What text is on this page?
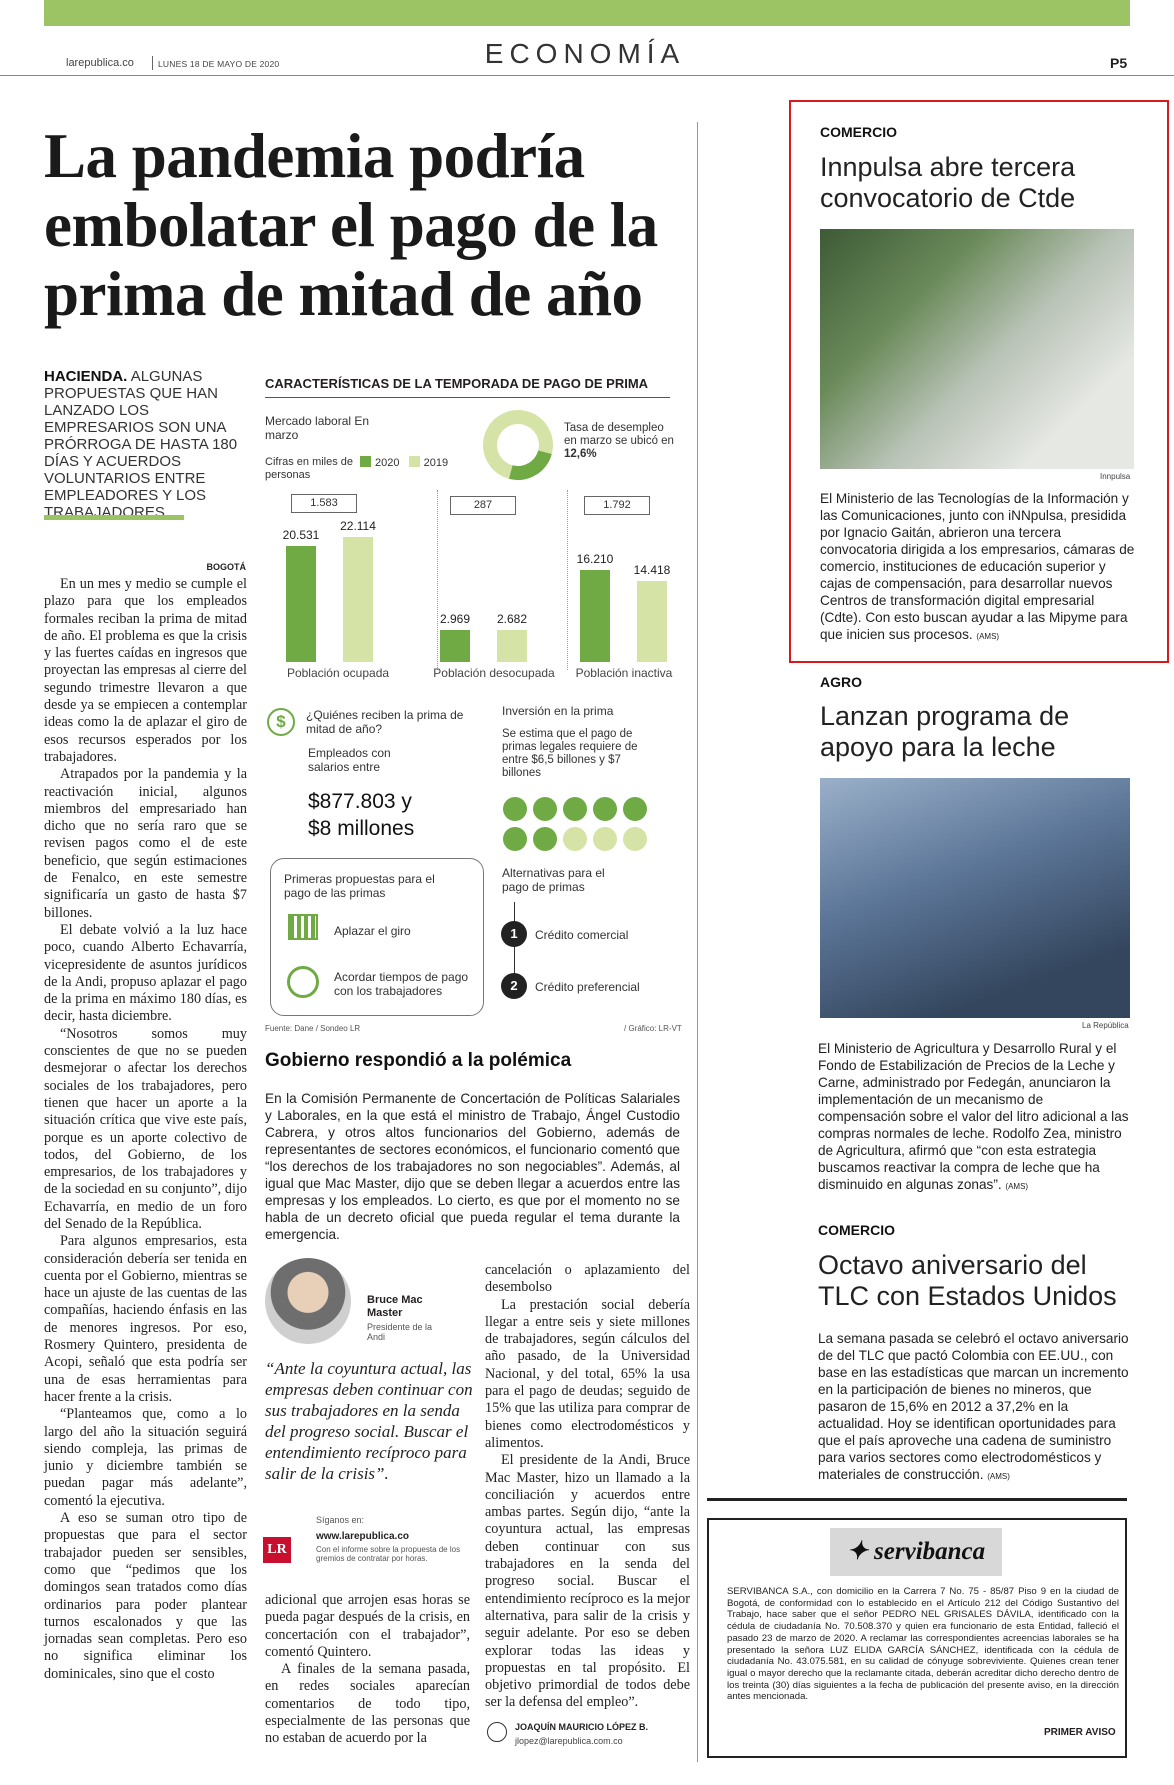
larepublica.co	LUNES 18 DE MAYO DE 2020	ECONOMÍA	P5
La pandemia podría embolatar el pago de la prima de mitad de año
HACIENDA. ALGUNAS PROPUESTAS QUE HAN LANZADO LOS EMPRESARIOS SON UNA PRÓRROGA DE HASTA 180 DÍAS Y ACUERDOS VOLUNTARIOS ENTRE EMPLEADORES Y LOS TRABAJADORES
BOGOTÁ

En un mes y medio se cumple el plazo para que los empleados formales reciban la prima de mitad de año. El problema es que la crisis y las fuertes caídas en ingresos que proyectan las empresas al cierre del segundo trimestre llevaron a que desde ya se empiecen a contemplar ideas como la de aplazar el giro de esos recursos esperados por los trabajadores.

Atrapados por la pandemia y la reactivación inicial, algunos miembros del empresariado han dicho que no sería raro que se revisen pagos como el de este beneficio, que según estimaciones de Fenalco, en este semestre significaría un gasto de hasta $7 billones.

El debate volvió a la luz hace poco, cuando Alberto Echavarría, vicepresidente de asuntos jurídicos de la Andi, propuso aplazar el pago de la prima en máximo 180 días, es decir, hasta diciembre.

“Nosotros somos muy conscientes de que no se pueden desmejorar o afectar los derechos sociales de los trabajadores, pero tienen que hacer un aporte a la situación crítica que vive este país, porque es un aporte colectivo de todos, del Gobierno, de los empresarios, de los trabajadores y de la sociedad en su conjunto”, dijo Echavarría, en medio de un foro del Senado de la República.

Para algunos empresarios, esta consideración debería ser tenida en cuenta por el Gobierno, mientras se hace un ajuste de las cuentas de las compañías, haciendo énfasis en las de menores ingresos. Por eso, Rosmery Quintero, presidenta de Acopi, señaló que esta podría ser una de esas herramientas para hacer frente a la crisis.

“Planteamos que, como a lo largo del año la situación seguirá siendo compleja, las primas de junio y diciembre también se puedan pagar más adelante”, comentó la ejecutiva.

A eso se suman otro tipo de propuestas que para el sector trabajador pueden ser sensibles, como que “pedimos que los domingos sean tratados como días ordinarios para poder plantear turnos escalonados y que las jornadas sean completas. Pero eso no significa eliminar los dominicales, sino que el costo

CARACTERÍSTICAS DE LA TEMPORADA DE PAGO DE PRIMA
Mercado laboral En marzo
Cifras en miles de personas
2020 2019
Tasa de desempleo en marzo se ubicó en 12,6%
1.583	287	1.792
20.531
22.114
2.969	2.682
16.210
14.418
Población ocupada	Población desocupada	Población inactiva
$	¿Quiénes reciben la prima de mitad de año?
Empleados con salarios entre
$877.803 y $8 millones
Inversión en la prima
Se estima que el pago de primas legales requiere de entre $6,5 billones y $7 billones
Primeras propuestas para el pago de las primas
Aplazar el giro
Acordar tiempos de pago con los trabajadores
Alternativas para el pago de primas
1	Crédito comercial
2	Crédito preferencial
Fuente: Dane / Sondeo LR	/ Gráfico: LR-VT
Gobierno respondió a la polémica
En la Comisión Permanente de Concertación de Políticas Salariales y Laborales, en la que está el ministro de Trabajo, Ángel Custodio Cabrera, y otros altos funcionarios del Gobierno, además de representantes de sectores económicos, el funcionario comentó que “los derechos de los trabajadores no son negociables”. Además, al igual que Mac Master, dijo que se deben llegar a acuerdos entre las empresas y los empleados. Lo cierto, es que por el momento no se habla de un decreto oficial que pueda regular el tema durante la emergencia.
Bruce Mac Master
Presidente de la Andi
“Ante la coyuntura actual, las empresas deben continuar con sus trabajadores en la senda del progreso social. Buscar el entendimiento recíproco para salir de la crisis”.
LR
Síganos en:
www.larepublica.co
Con el informe sobre la propuesta de los gremios de contratar por horas.

adicional que arrojen esas horas se pueda pagar después de la crisis, en concertación con el trabajador”, comentó Quintero.

A finales de la semana pasada, en redes sociales aparecían comentarios de todo tipo, especialmente de las personas que no estaban de acuerdo por la

cancelación o aplazamiento del desembolso

La prestación social debería llegar a entre seis y siete millones de trabajadores, según cálculos del año pasado, de la Universidad Nacional, y del total, 65% la usa para el pago de deudas; seguido de 15% que las utiliza para comprar de bienes como electrodomésticos y alimentos.

El presidente de la Andi, Bruce Mac Master, hizo un llamado a la conciliación y acuerdos entre ambas partes. Según dijo, “ante la coyuntura actual, las empresas deben continuar con sus trabajadores en la senda del progreso social. Buscar el entendimiento recíproco es la mejor alternativa, para salir de la crisis y seguir adelante. Por eso se deben explorar todas las ideas y propuestas en tal propósito. El objetivo primordial de todos debe ser la defensa del empleo”.

JOAQUÍN MAURICIO LÓPEZ B.
jlopez@larepublica.com.co
COMERCIO
Innpulsa abre tercera convocatorio de Ctde
Innpulsa
El Ministerio de las Tecnologías de la Información y las Comunicaciones, junto con iNNpulsa, presidida por Ignacio Gaitán, abrieron una tercera convocatoria dirigida a los empresarios, cámaras de comercio, instituciones de educación superior y cajas de compensación, para desarrollar nuevos Centros de transformación digital empresarial (Cdte). Con esto buscan ayudar a las Mipyme para que inicien sus procesos. (AMS)
AGRO
Lanzan programa de apoyo para la leche
La República
El Ministerio de Agricultura y Desarrollo Rural y el Fondo de Estabilización de Precios de la Leche y Carne, administrado por Fedegán, anunciaron la implementación de un mecanismo de compensación sobre el valor del litro adicional a las compras normales de leche. Rodolfo Zea, ministro de Agricultura, afirmó que “con esta estrategia buscamos reactivar la compra de leche que ha disminuido en algunas zonas”. (AMS)
COMERCIO
Octavo aniversario del TLC con Estados Unidos
La semana pasada se celebró el octavo aniversario de del TLC que pactó Colombia con EE.UU., con base en las estadísticas que marcan un incremento en la participación de bienes no mineros, que pasaron de 15,6% en 2012 a 37,2% en la actualidad. Hoy se identifican oportunidades para que el país aproveche una cadena de suministro para varios sectores como electrodomésticos y materiales de construcción. (AMS)
✦ servibanca
SERVIBANCA S.A., con domicilio en la Carrera 7 No. 75 - 85/87 Piso 9 en la ciudad de Bogotá, de conformidad con lo establecido en el Artículo 212 del Código Sustantivo del Trabajo, hace saber que el señor PEDRO NEL GRISALES DÁVILA, identificado con la cédula de ciudadanía No. 70.508.370 y quien era funcionario de esta Entidad, falleció el pasado 23 de marzo de 2020. A reclamar las correspondientes acreencias laborales se ha presentado la señora LUZ ELIDA GARCÍA SÁNCHEZ, identificada con la cédula de ciudadanía No. 43.075.581, en su calidad de cónyuge sobreviviente. Quienes crean tener igual o mayor derecho que la reclamante citada, deberán acreditar dicho derecho dentro de los treinta (30) días siguientes a la fecha de publicación del presente aviso, en la dirección antes mencionada.
PRIMER AVISO
